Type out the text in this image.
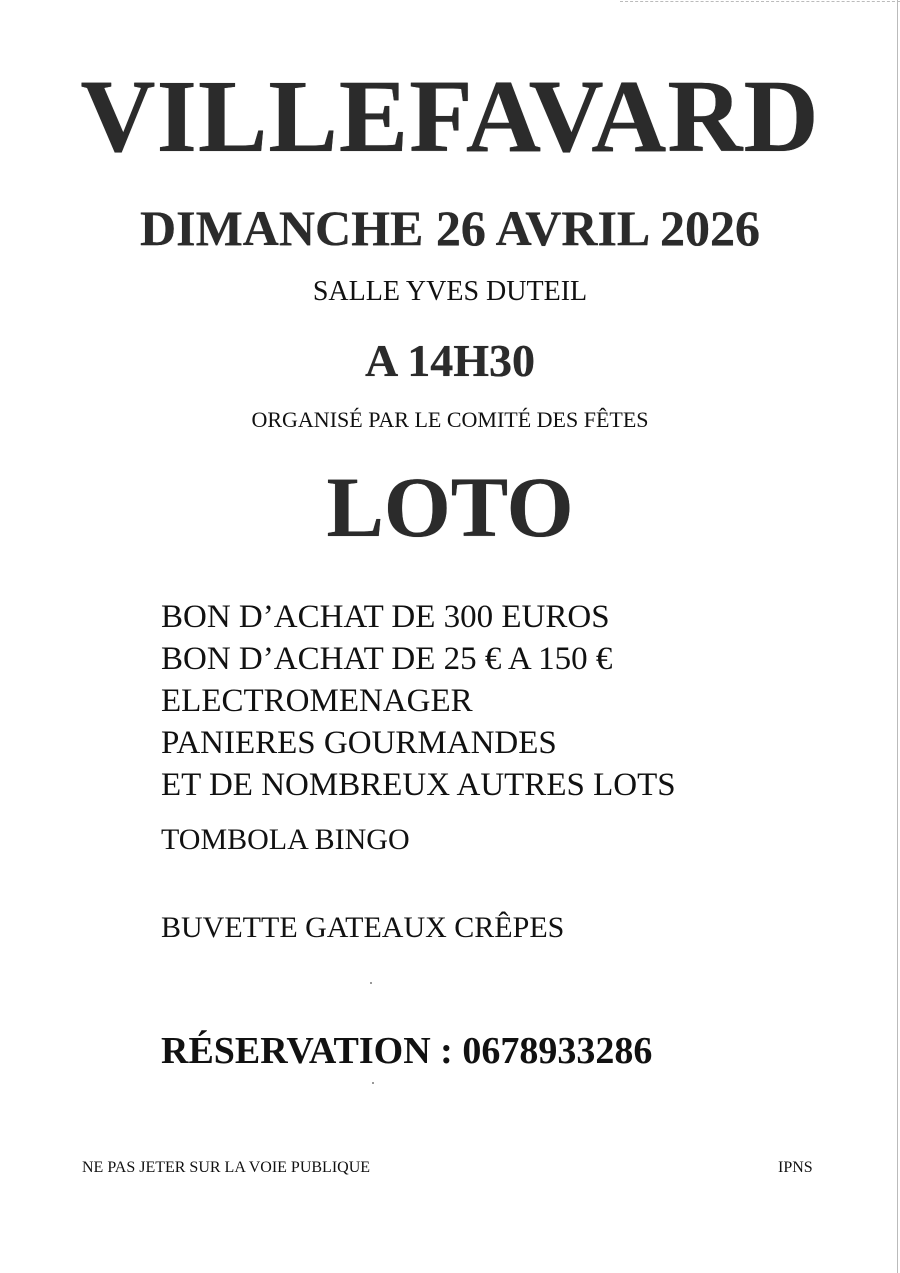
VILLEFAVARD
DIMANCHE 26 AVRIL 2026
SALLE YVES DUTEIL
A 14H30
ORGANISÉ PAR LE COMITÉ DES FÊTES
LOTO
BON D’ACHAT DE 300 EUROS
BON D’ACHAT DE 25 € A 150 €
ELECTROMENAGER
PANIERES GOURMANDES
ET DE NOMBREUX AUTRES LOTS
TOMBOLA BINGO
BUVETTE GATEAUX CRÊPES
RÉSERVATION : 0678933286
NE PAS JETER SUR LA VOIE PUBLIQUE	IPNS
